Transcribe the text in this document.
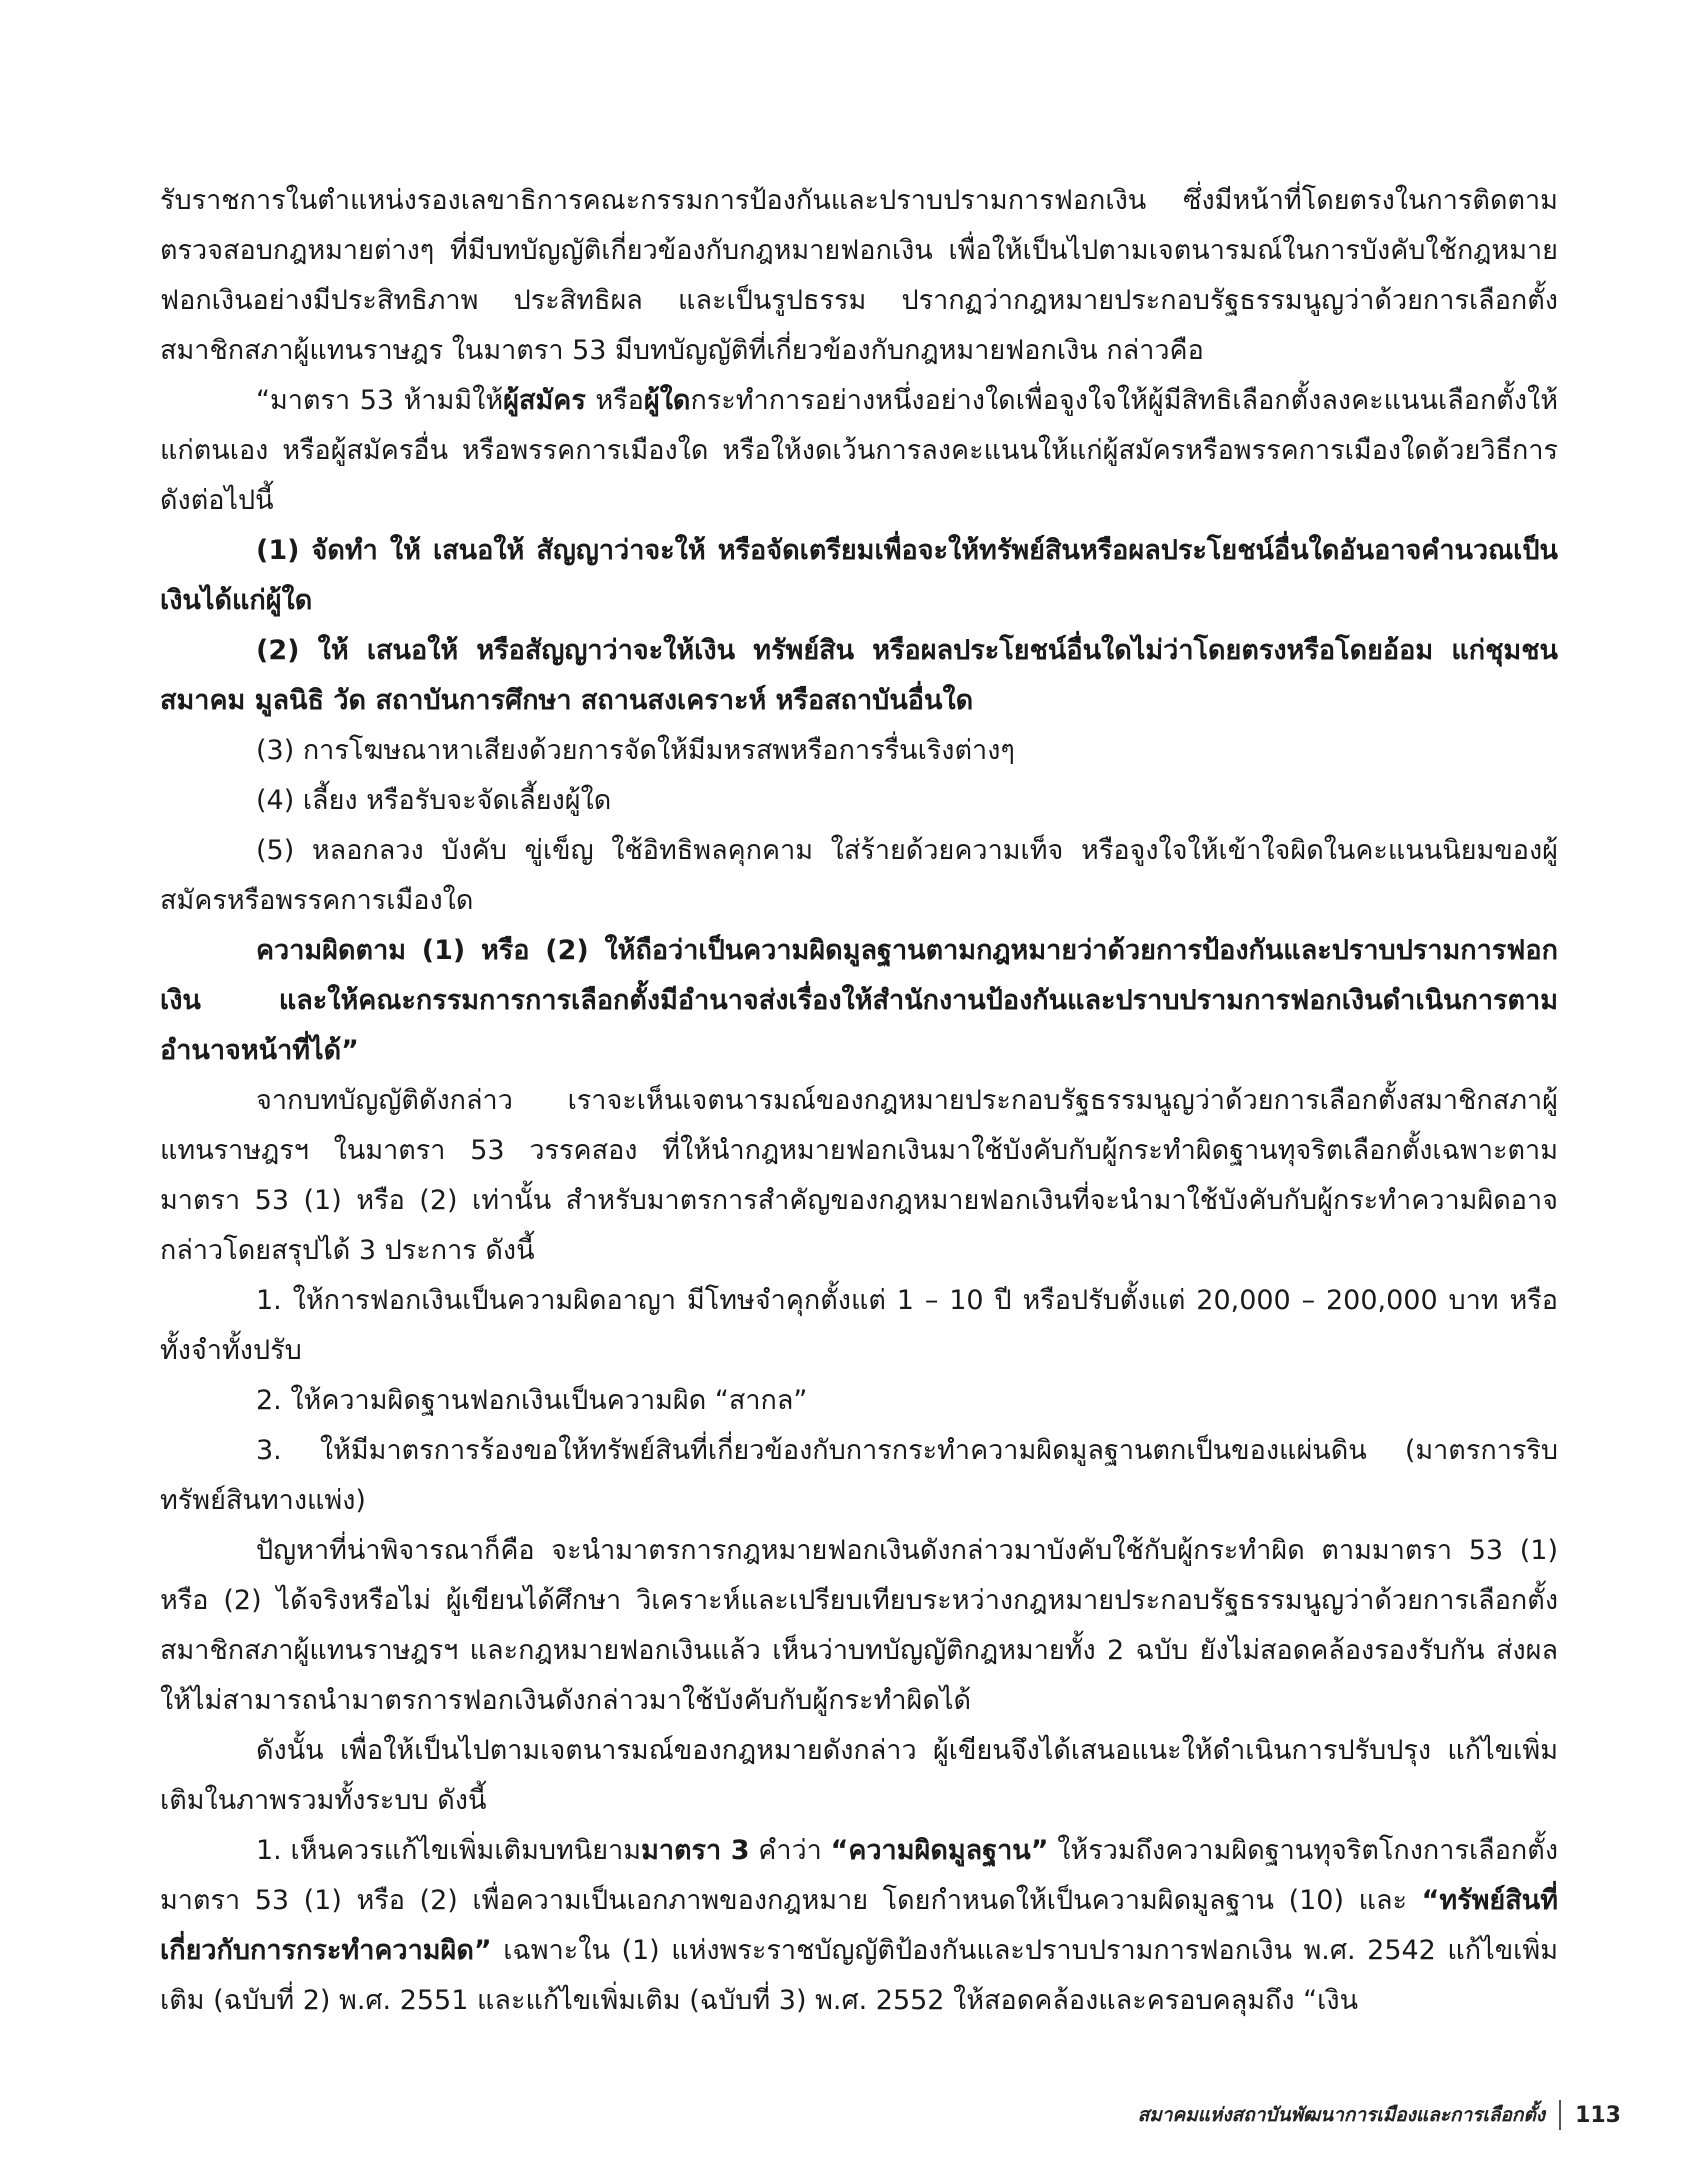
รับราชการในตำแหน่งรองเลขาธิการคณะกรรมการป้องกันและปราบปรามการฟอกเงิน ซึ่งมีหน้าที่โดยตรงในการติดตามตรวจสอบกฎหมายต่างๆ ที่มีบทบัญญัติเกี่ยวข้องกับกฎหมายฟอกเงิน เพื่อให้เป็นไปตามเจตนารมณ์ในการบังคับใช้กฎหมายฟอกเงินอย่างมีประสิทธิภาพ ประสิทธิผล และเป็นรูปธรรม ปรากฏว่ากฎหมายประกอบรัฐธรรมนูญว่าด้วยการเลือกตั้งสมาชิกสภาผู้แทนราษฎร ในมาตรา 53 มีบทบัญญัติที่เกี่ยวข้องกับกฎหมายฟอกเงิน กล่าวคือ

“มาตรา 53 ห้ามมิให้ผู้สมัคร หรือผู้ใดกระทำการอย่างหนึ่งอย่างใดเพื่อจูงใจให้ผู้มีสิทธิเลือกตั้งลงคะแนนเลือกตั้งให้แก่ตนเอง หรือผู้สมัครอื่น หรือพรรคการเมืองใด หรือให้งดเว้นการลงคะแนนให้แก่ผู้สมัครหรือพรรคการเมืองใดด้วยวิธีการดังต่อไปนี้

(1) จัดทำ ให้ เสนอให้ สัญญาว่าจะให้ หรือจัดเตรียมเพื่อจะให้ทรัพย์สินหรือผลประโยชน์อื่นใดอันอาจคำนวณเป็นเงินได้แก่ผู้ใด

(2) ให้ เสนอให้ หรือสัญญาว่าจะให้เงิน ทรัพย์สิน หรือผลประโยชน์อื่นใดไม่ว่าโดยตรงหรือโดยอ้อม แก่ชุมชน สมาคม มูลนิธิ วัด สถาบันการศึกษา สถานสงเคราะห์ หรือสถาบันอื่นใด

(3) การโฆษณาหาเสียงด้วยการจัดให้มีมหรสพหรือการรื่นเริงต่างๆ

(4) เลี้ยง หรือรับจะจัดเลี้ยงผู้ใด

(5) หลอกลวง บังคับ ขู่เข็ญ ใช้อิทธิพลคุกคาม ใส่ร้ายด้วยความเท็จ หรือจูงใจให้เข้าใจผิดในคะแนนนิยมของผู้สมัครหรือพรรคการเมืองใด

ความผิดตาม (1) หรือ (2) ให้ถือว่าเป็นความผิดมูลฐานตามกฎหมายว่าด้วยการป้องกันและปราบปรามการฟอกเงิน และให้คณะกรรมการการเลือกตั้งมีอำนาจส่งเรื่องให้สำนักงานป้องกันและปราบปรามการฟอกเงินดำเนินการตามอำนาจหน้าที่ได้”

จากบทบัญญัติดังกล่าว เราจะเห็นเจตนารมณ์ของกฎหมายประกอบรัฐธรรมนูญว่าด้วยการเลือกตั้งสมาชิกสภาผู้แทนราษฎรฯ ในมาตรา 53 วรรคสอง ที่ให้นำกฎหมายฟอกเงินมาใช้บังคับกับผู้กระทำผิดฐานทุจริตเลือกตั้งเฉพาะตามมาตรา 53 (1) หรือ (2) เท่านั้น สำหรับมาตรการสำคัญของกฎหมายฟอกเงินที่จะนำมาใช้บังคับกับผู้กระทำความผิดอาจกล่าวโดยสรุปได้ 3 ประการ ดังนี้

1. ให้การฟอกเงินเป็นความผิดอาญา มีโทษจำคุกตั้งแต่ 1 – 10 ปี หรือปรับตั้งแต่ 20,000 – 200,000 บาท หรือทั้งจำทั้งปรับ

2. ให้ความผิดฐานฟอกเงินเป็นความผิด “สากล”

3. ให้มีมาตรการร้องขอให้ทรัพย์สินที่เกี่ยวข้องกับการกระทำความผิดมูลฐานตกเป็นของแผ่นดิน (มาตรการริบทรัพย์สินทางแพ่ง)

ปัญหาที่น่าพิจารณาก็คือ จะนำมาตรการกฎหมายฟอกเงินดังกล่าวมาบังคับใช้กับผู้กระทำผิด ตามมาตรา 53 (1) หรือ (2) ได้จริงหรือไม่ ผู้เขียนได้ศึกษา วิเคราะห์และเปรียบเทียบระหว่างกฎหมายประกอบรัฐธรรมนูญว่าด้วยการเลือกตั้งสมาชิกสภาผู้แทนราษฎรฯ และกฎหมายฟอกเงินแล้ว เห็นว่าบทบัญญัติกฎหมายทั้ง 2 ฉบับ ยังไม่สอดคล้องรองรับกัน ส่งผลให้ไม่สามารถนำมาตรการฟอกเงินดังกล่าวมาใช้บังคับกับผู้กระทำผิดได้

ดังนั้น เพื่อให้เป็นไปตามเจตนารมณ์ของกฎหมายดังกล่าว ผู้เขียนจึงได้เสนอแนะให้ดำเนินการปรับปรุง แก้ไขเพิ่มเติมในภาพรวมทั้งระบบ ดังนี้

1. เห็นควรแก้ไขเพิ่มเติมบทนิยามมาตรา 3 คำว่า “ความผิดมูลฐาน” ให้รวมถึงความผิดฐานทุจริตโกงการเลือกตั้ง มาตรา 53 (1) หรือ (2) เพื่อความเป็นเอกภาพของกฎหมาย โดยกำหนดให้เป็นความผิดมูลฐาน (10) และ “ทรัพย์สินที่เกี่ยวกับการกระทำความผิด” เฉพาะใน (1) แห่งพระราชบัญญัติป้องกันและปราบปรามการฟอกเงิน พ.ศ. 2542 แก้ไขเพิ่มเติม (ฉบับที่ 2) พ.ศ. 2551 และแก้ไขเพิ่มเติม (ฉบับที่ 3) พ.ศ. 2552 ให้สอดคล้องและครอบคลุมถึง “เงิน

สมาคมแห่งสถาบันพัฒนาการเมืองและการเลือกตั้ง 113
